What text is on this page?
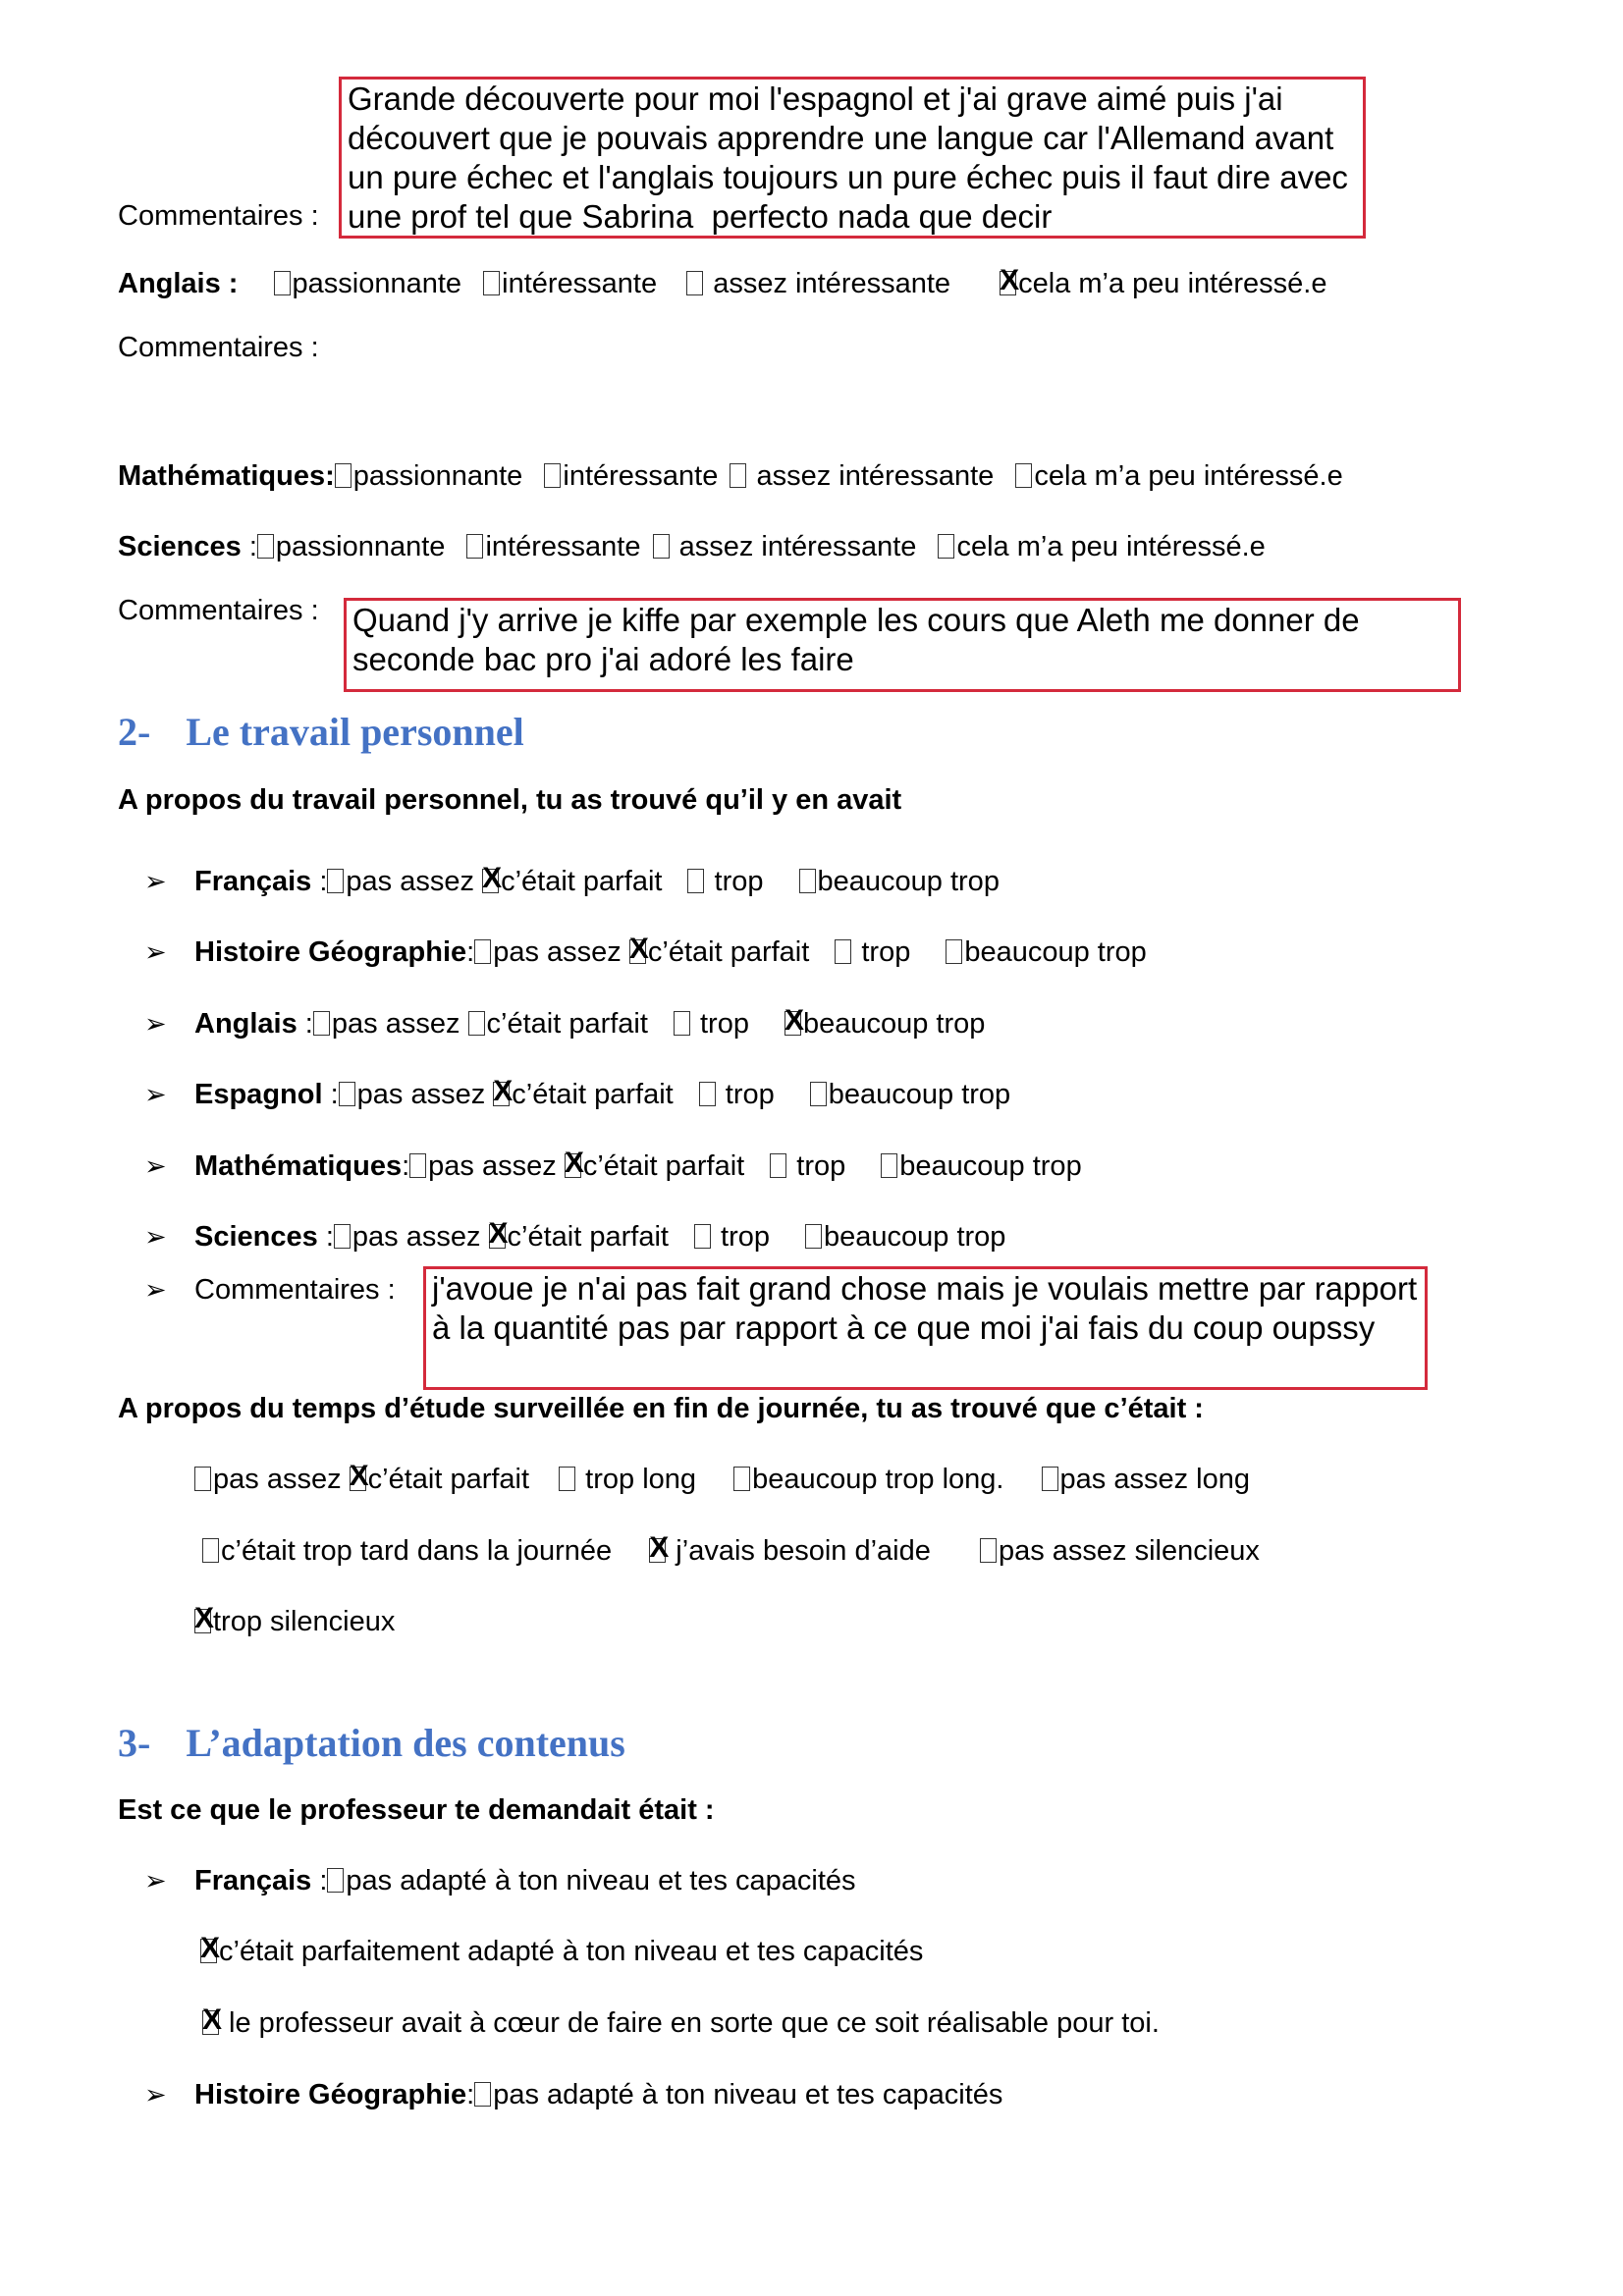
Grande découverte pour moi l'espagnol et j'ai grave aimé puis j'ai découvert que je pouvais apprendre une langue car l'Allemand avant un pure échec et l'anglais toujours un pure échec puis il faut dire avec une prof tel que Sabrina  perfecto nada que decir
Commentaires :
Anglais : passionnante intéressante  assez intéressante X cela m’a peu intéressé.e
Commentaires :
Mathématiques: passionnante intéressante  assez intéressante cela m’a peu intéressé.e
Sciences : passionnante intéressante  assez intéressante cela m’a peu intéressé.e
Commentaires : Quand j'y arrive je kiffe par exemple les cours que Aleth me donner de seconde bac pro j'ai adoré les faire
2- Le travail personnel
A propos du travail personnel, tu as trouvé qu’il y en avait
➢ Français : pas assez Xc’était parfait trop beaucoup trop
➢ Histoire Géographie: pas assez Xc’était parfait trop beaucoup trop
➢ Anglais : pas assez c’était parfait trop X beaucoup trop
➢ Espagnol : pas assez Xc’était parfait trop beaucoup trop
➢ Mathématiques: pas assez Xc’était parfait trop beaucoup trop
➢ Sciences : pas assez Xc’était parfait trop beaucoup trop
➢ Commentaires : j'avoue je n'ai pas fait grand chose mais je voulais mettre par rapport à la quantité pas par rapport à ce que moi j'ai fais du coup oupssy
A propos du temps d’étude surveillée en fin de journée, tu as trouvé que c’était :
pas assez Xc’était parfait  trop long beaucoup trop long. pas assez long
c’était trop tard dans la journée X j’avais besoin d’aide pas assez silencieux
Xtrop silencieux
3- L’adaptation des contenus
Est ce que le professeur te demandait était :
➢ Français : pas adapté à ton niveau et tes capacités
Xc’était parfaitement adapté à ton niveau et tes capacités
X le professeur avait à cœur de faire en sorte que ce soit réalisable pour toi.
➢ Histoire Géographie: pas adapté à ton niveau et tes capacités
